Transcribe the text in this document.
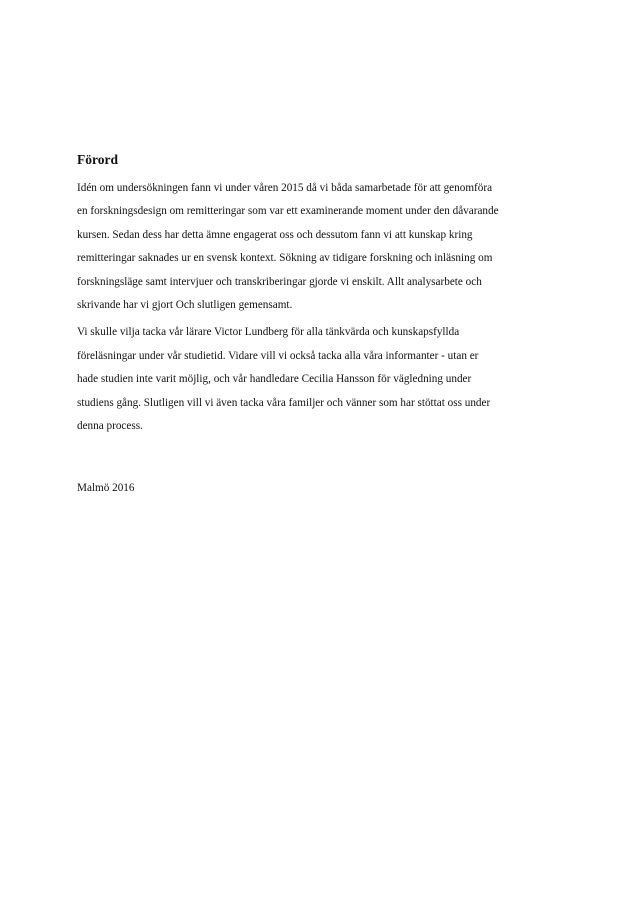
Förord
Idén om undersökningen fann vi under våren 2015 då vi båda samarbetade för att genomföra
en forskningsdesign om remitteringar som var ett examinerande moment under den dåvarande
kursen. Sedan dess har detta ämne engagerat oss och dessutom fann vi att kunskap kring
remitteringar saknades ur en svensk kontext. Sökning av tidigare forskning och inläsning om
forskningsläge samt intervjuer och transkriberingar gjorde vi enskilt. Allt analysarbete och
skrivande har vi gjort Och slutligen gemensamt.
Vi skulle vilja tacka vår lärare Victor Lundberg för alla tänkvärda och kunskapsfyllda
föreläsningar under vår studietid. Vidare vill vi också tacka alla våra informanter - utan er
hade studien inte varit möjlig, och vår handledare Cecilia Hansson för vägledning under
studiens gång. Slutligen vill vi även tacka våra familjer och vänner som har stöttat oss under
denna process.
Malmö 2016
